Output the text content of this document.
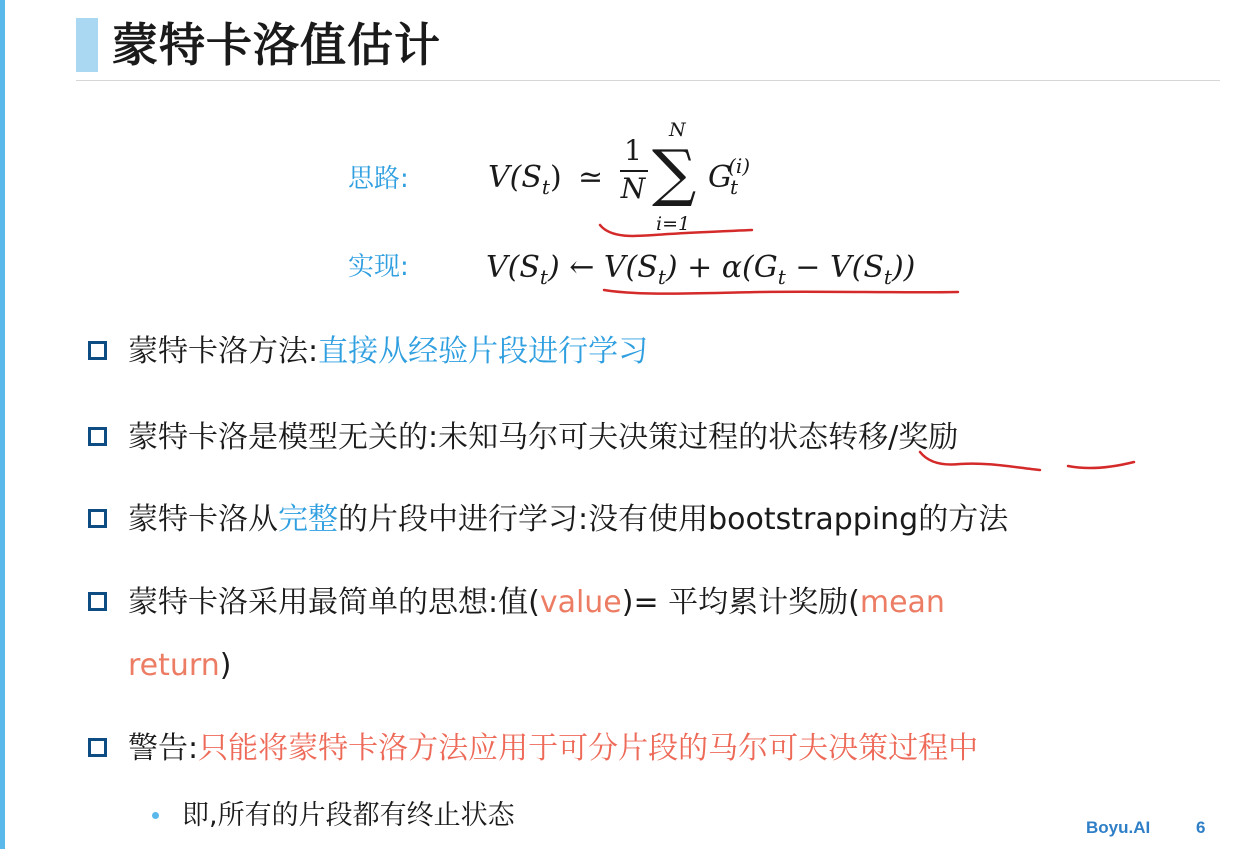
蒙特卡洛值估计
思路:	$V(S_t)$ ≃
1
N
N
∑
i=1
$G_t^{(i)}$
实现:	$V(S_t)$ ← $V(S_t) + \alpha(G_t - V(S_t))$
蒙特卡洛方法:直接从经验片段进行学习
蒙特卡洛是模型无关的:未知马尔可夫决策过程的状态转移/奖励
蒙特卡洛从完整的片段中进行学习:没有使用bootstrapping的方法
蒙特卡洛采用最简单的思想:值(value)= 平均累计奖励(mean
return)
警告:只能将蒙特卡洛方法应用于可分片段的马尔可夫决策过程中
即,所有的片段都有终止状态	Boyu.AI	6
